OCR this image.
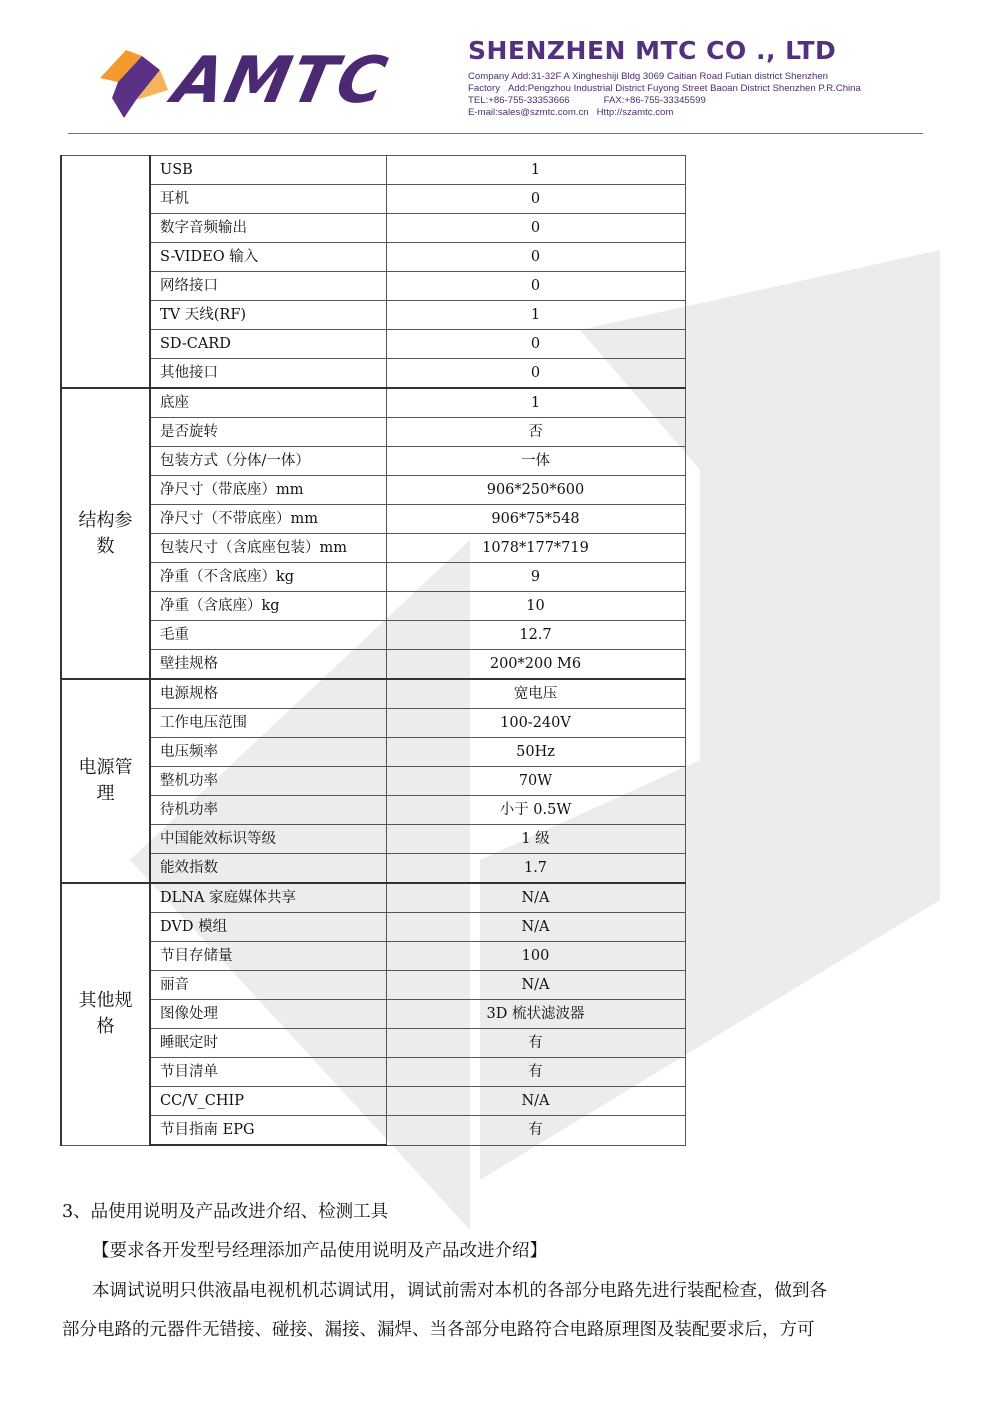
AMTC	SHENZHEN MTC CO ., LTD
Company Add:31-32F A Xingheshiji Bldg 3069 Caitian Road Futian district Shenzhen
Factory Add:Pengzhou Industrial District Fuyong Street Baoan District Shenzhen P.R.China
TEL:+86-755-33353666	FAX:+86-755-33345599
E-mail:sales@szmtc.com.cn Http://szamtc.com
	USB	1
	耳机	0
	数字音频输出	0
	S-VIDEO 输入	0
	网络接口	0
	TV 天线(RF)	1
	SD-CARD	0
	其他接口	0
结构参数	底座	1
	是否旋转	否
	包装方式（分体/一体）	一体
	净尺寸（带底座）mm	906*250*600
	净尺寸（不带底座）mm	906*75*548
	包装尺寸（含底座包装）mm	1078*177*719
	净重（不含底座）kg	9
	净重（含底座）kg	10
	毛重	12.7
	壁挂规格	200*200 M6
电源管理	电源规格	宽电压
	工作电压范围	100-240V
	电压频率	50Hz
	整机功率	70W
	待机功率	小于 0.5W
	中国能效标识等级	1 级
	能效指数	1.7
其他规格	DLNA 家庭媒体共享	N/A
	DVD 模组	N/A
	节目存储量	100
	丽音	N/A
	图像处理	3D 梳状滤波器
	睡眠定时	有
	节目清单	有
	CC/V_CHIP	N/A
	节目指南 EPG	有
3、品使用说明及产品改进介绍、检测工具
【要求各开发型号经理添加产品使用说明及产品改进介绍】
本调试说明只供液晶电视机机芯调试用，调试前需对本机的各部分电路先进行装配检查，做到各
部分电路的元器件无错接、碰接、漏接、漏焊、当各部分电路符合电路原理图及装配要求后，方可
